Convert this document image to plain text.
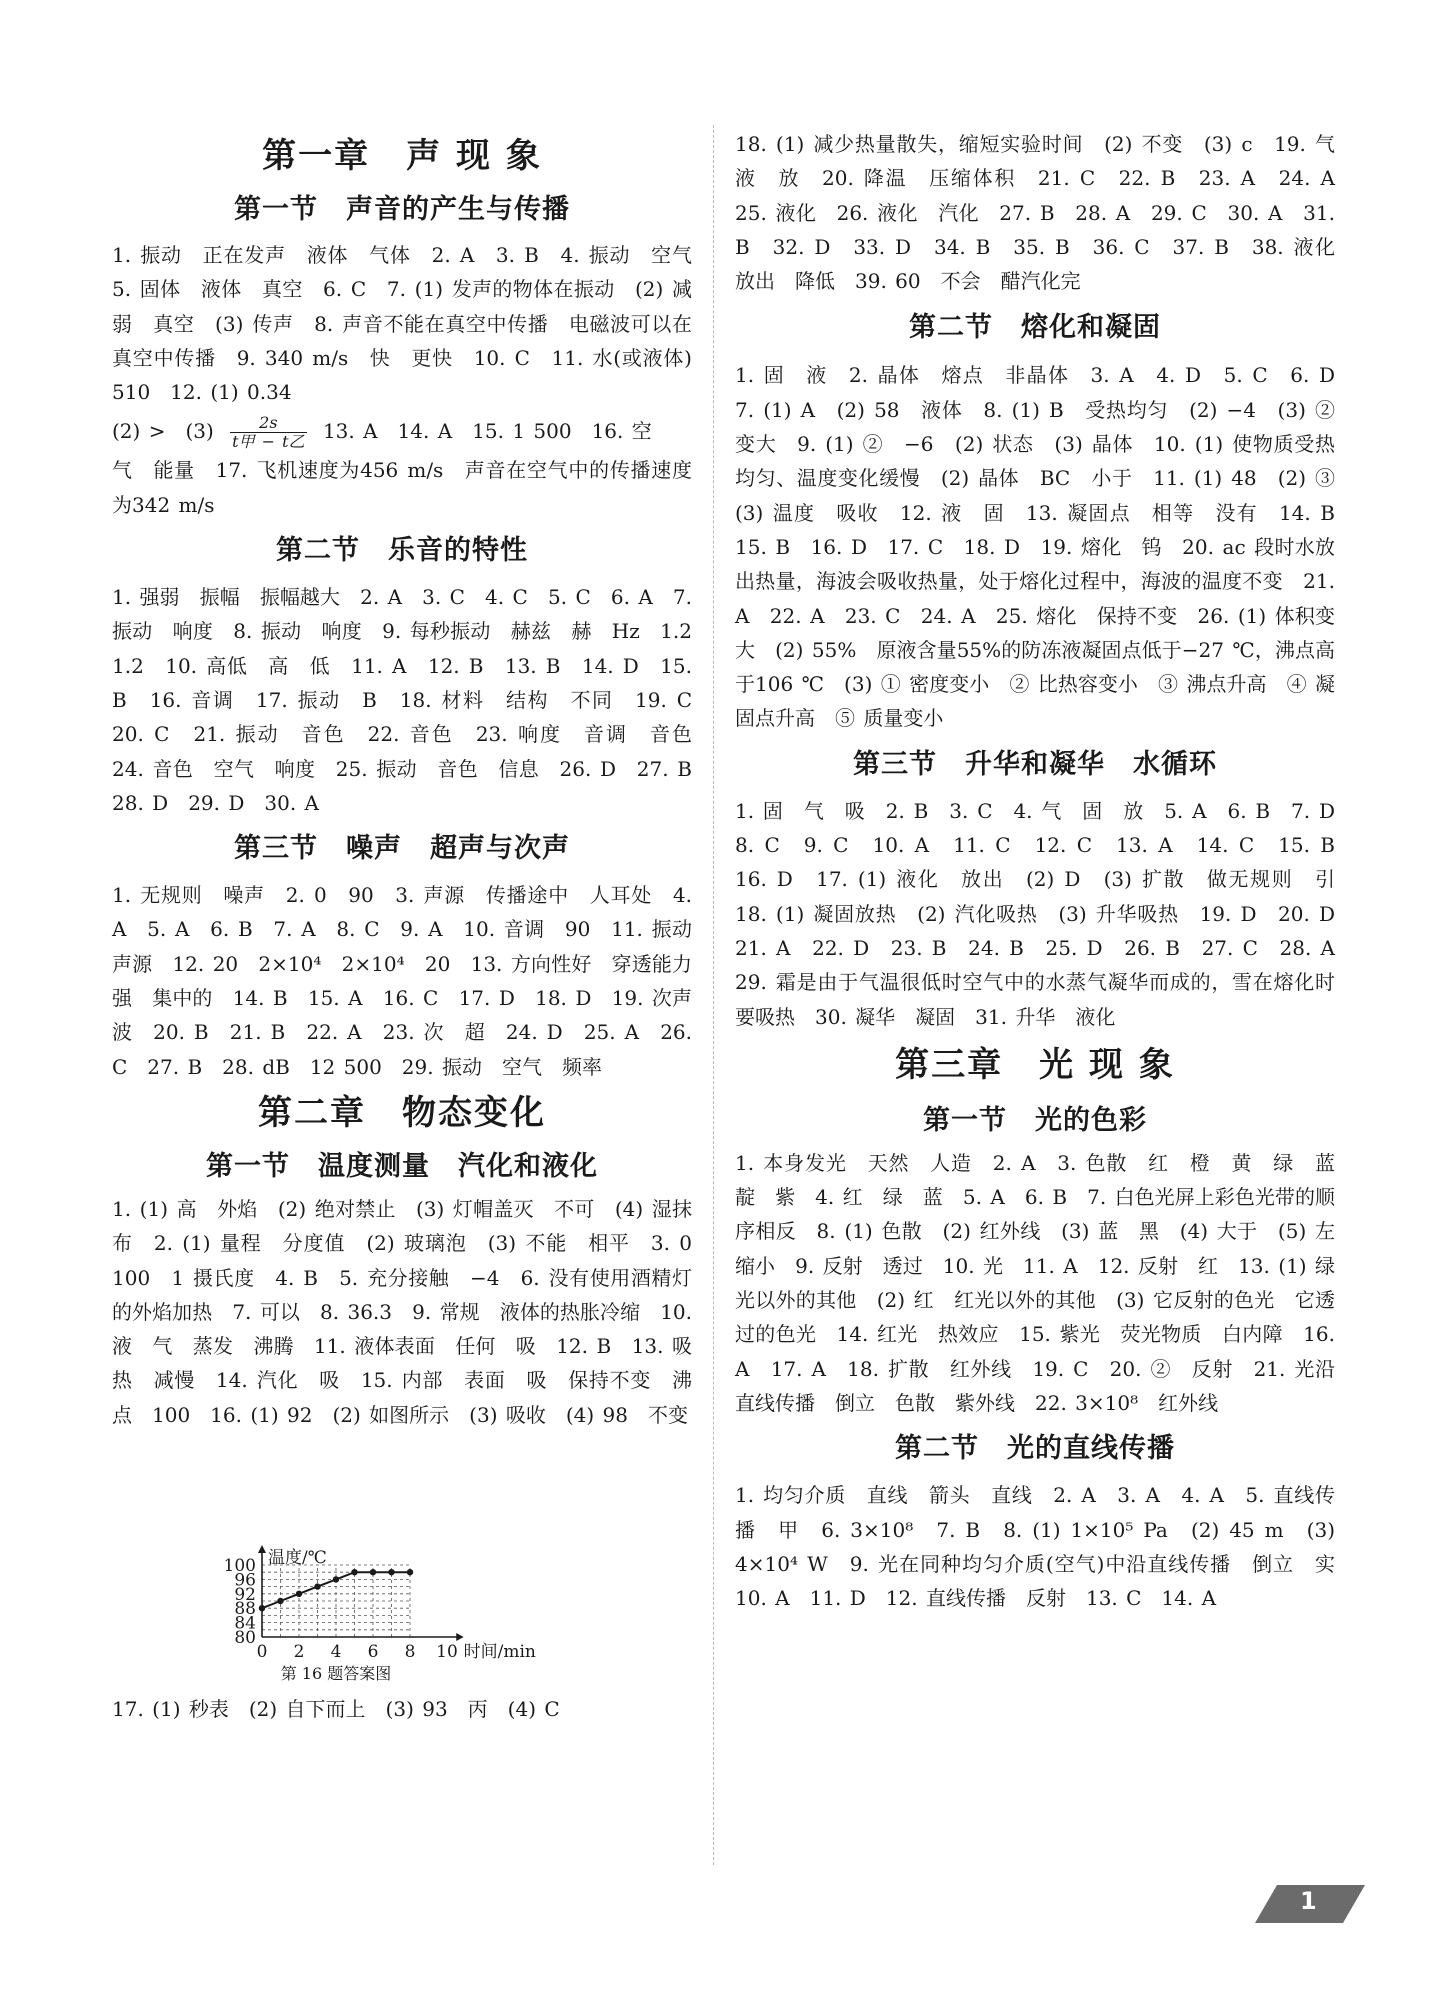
第一章　声 现 象
第一节　声音的产生与传播

1. 振动　正在发声　液体　气体　2. A　3. B　4. 振动　空气　5. 固体　液体　真空　6. C　7. (1) 发声的物体在振动　(2) 减弱　真空　(3) 传声　8. 声音不能在真空中传播　电磁波可以在真空中传播　9. 340 m/s　快　更快　10. C　11. 水(或液体)　510　12. (1) 0.34

(2) >　(3)	2s
t甲 − t乙 13. A　14. A　15. 1 500　16. 空

气　能量　17. 飞机速度为456 m/s　声音在空气中的传播速度为342 m/s

第二节　乐音的特性

1. 强弱　振幅　振幅越大　2. A　3. C　4. C　5. C　6. A　7. 振动　响度　8. 振动　响度　9. 每秒振动　赫兹　赫　Hz　1.2　1.2　10. 高低　高　低　11. A　12. B　13. B　14. D　15. B　16. 音调　17. 振动　B　18. 材料　结构　不同　19. C　20. C　21. 振动　音色　22. 音色　23. 响度　音调　音色　24. 音色　空气　响度　25. 振动　音色　信息　26. D　27. B　28. D　29. D　30. A

第三节　噪声　超声与次声

1. 无规则　噪声　2. 0　90　3. 声源　传播途中　人耳处　4. A　5. A　6. B　7. A　8. C　9. A　10. 音调　90　11. 振动　声源　12. 20　2×10⁴　2×10⁴　20　13. 方向性好　穿透能力强　集中的　14. B　15. A　16. C　17. D　18. D　19. 次声波　20. B　21. B　22. A　23. 次　超　24. D　25. A　26. C　27. B　28. dB　12 500　29. 振动　空气　频率

第二章　物态变化
第一节　温度测量　汽化和液化

1. (1) 高　外焰　(2) 绝对禁止　(3) 灯帽盖灭　不可　(4) 湿抹布　2. (1) 量程　分度值　(2) 玻璃泡　(3) 不能　相平　3. 0　100　1 摄氏度　4. B　5. 充分接触　−4　6. 没有使用酒精灯的外焰加热　7. 可以　8. 36.3　9. 常规　液体的热胀冷缩　10. 液　气　蒸发　沸腾　11. 液体表面　任何　吸　12. B　13. 吸热　减慢　14. 汽化　吸　15. 内部　表面　吸　保持不变　沸点　100　16. (1) 92　(2) 如图所示　(3) 吸收　(4) 98　不变

0 2 4 6 8 10
80
84
88
92
96
100
时间/min
温度/℃
第 16 题答案图

17. (1) 秒表　(2) 自下而上　(3) 93　丙　(4) C

18. (1) 减少热量散失，缩短实验时间　(2) 不变　(3) c　19. 气　液　放　20. 降温　压缩体积　21. C　22. B　23. A　24. A　25. 液化　26. 液化　汽化　27. B　28. A　29. C　30. A　31. B　32. D　33. D　34. B　35. B　36. C　37. B　38. 液化　放出　降低　39. 60　不会　醋汽化完

第二节　熔化和凝固

1. 固　液　2. 晶体　熔点　非晶体　3. A　4. D　5. C　6. D　7. (1) A　(2) 58　液体　8. (1) B　受热均匀　(2) −4　(3) ②　变大　9. (1) ②　−6　(2) 状态　(3) 晶体　10. (1) 使物质受热均匀、温度变化缓慢　(2) 晶体　BC　小于　11. (1) 48　(2) ③　(3) 温度　吸收　12. 液　固　13. 凝固点　相等　没有　14. B　15. B　16. D　17. C　18. D　19. 熔化　钨　20. ac 段时水放出热量，海波会吸收热量，处于熔化过程中，海波的温度不变　21. A　22. A　23. C　24. A　25. 熔化　保持不变　26. (1) 体积变大　(2) 55%　原液含量55%的防冻液凝固点低于−27 ℃，沸点高于106 ℃　(3) ① 密度变小　② 比热容变小　③ 沸点升高　④ 凝固点升高　⑤ 质量变小

第三节　升华和凝华　水循环

1. 固　气　吸　2. B　3. C　4. 气　固　放　5. A　6. B　7. D　8. C　9. C　10. A　11. C　12. C　13. A　14. C　15. B　16. D　17. (1) 液化　放出　(2) D　(3) 扩散　做无规则　引　18. (1) 凝固放热　(2) 汽化吸热　(3) 升华吸热　19. D　20. D　21. A　22. D　23. B　24. B　25. D　26. B　27. C　28. A　29. 霜是由于气温很低时空气中的水蒸气凝华而成的，雪在熔化时要吸热　30. 凝华　凝固　31. 升华　液化

第三章　光 现 象
第一节　光的色彩

1. 本身发光　天然　人造　2. A　3. 色散　红　橙　黄　绿　蓝　靛　紫　4. 红　绿　蓝　5. A　6. B　7. 白色光屏上彩色光带的顺序相反　8. (1) 色散　(2) 红外线　(3) 蓝　黑　(4) 大于　(5) 左　缩小　9. 反射　透过　10. 光　11. A　12. 反射　红　13. (1) 绿光以外的其他　(2) 红　红光以外的其他　(3) 它反射的色光　它透过的色光　14. 红光　热效应　15. 紫光　荧光物质　白内障　16. A　17. A　18. 扩散　红外线　19. C　20. ②　反射　21. 光沿直线传播　倒立　色散　紫外线　22. 3×10⁸　红外线

第二节　光的直线传播

1. 均匀介质　直线　箭头　直线　2. A　3. A　4. A　5. 直线传播　甲　6. 3×10⁸　7. B　8. (1) 1×10⁵ Pa　(2) 45 m　(3) 4×10⁴ W　9. 光在同种均匀介质(空气)中沿直线传播　倒立　实　10. A　11. D　12. 直线传播　反射　13. C　14. A

1
